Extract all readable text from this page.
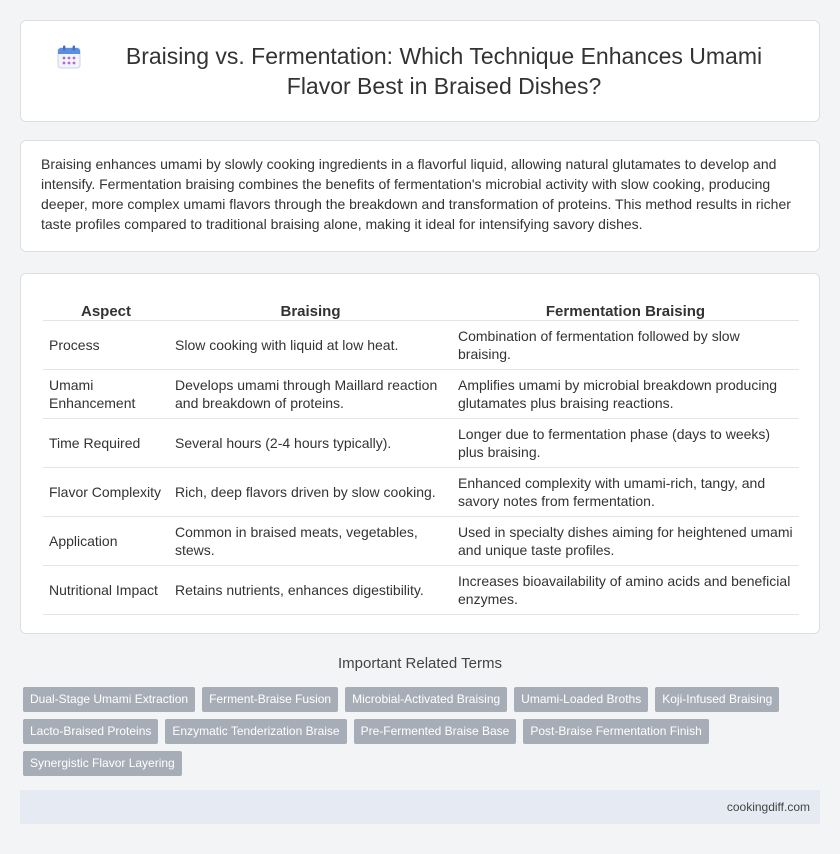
Braising vs. Fermentation: Which Technique Enhances Umami Flavor Best in Braised Dishes?

Braising enhances umami by slowly cooking ingredients in a flavorful liquid, allowing natural glutamates to develop and intensify. Fermentation braising combines the benefits of fermentation's microbial activity with slow cooking, producing deeper, more complex umami flavors through the breakdown and transformation of proteins. This method results in richer taste profiles compared to traditional braising alone, making it ideal for intensifying savory dishes.

Aspect	Braising	Fermentation Braising
Process	Slow cooking with liquid at low heat.	Combination of fermentation followed by slow braising.
Umami Enhancement	Develops umami through Maillard reaction and breakdown of proteins.	Amplifies umami by microbial breakdown producing glutamates plus braising reactions.
Time Required	Several hours (2-4 hours typically).	Longer due to fermentation phase (days to weeks) plus braising.
Flavor Complexity	Rich, deep flavors driven by slow cooking.	Enhanced complexity with umami-rich, tangy, and savory notes from fermentation.
Application	Common in braised meats, vegetables, stews.	Used in specialty dishes aiming for heightened umami and unique taste profiles.
Nutritional Impact	Retains nutrients, enhances digestibility.	Increases bioavailability of amino acids and beneficial enzymes.
Important Related Terms
Dual-Stage Umami Extraction	Ferment-Braise Fusion	Microbial-Activated Braising	Umami-Loaded Broths	Koji-Infused Braising
Lacto-Braised Proteins	Enzymatic Tenderization Braise	Pre-Fermented Braise Base	Post-Braise Fermentation Finish
Synergistic Flavor Layering
cookingdiff.com
